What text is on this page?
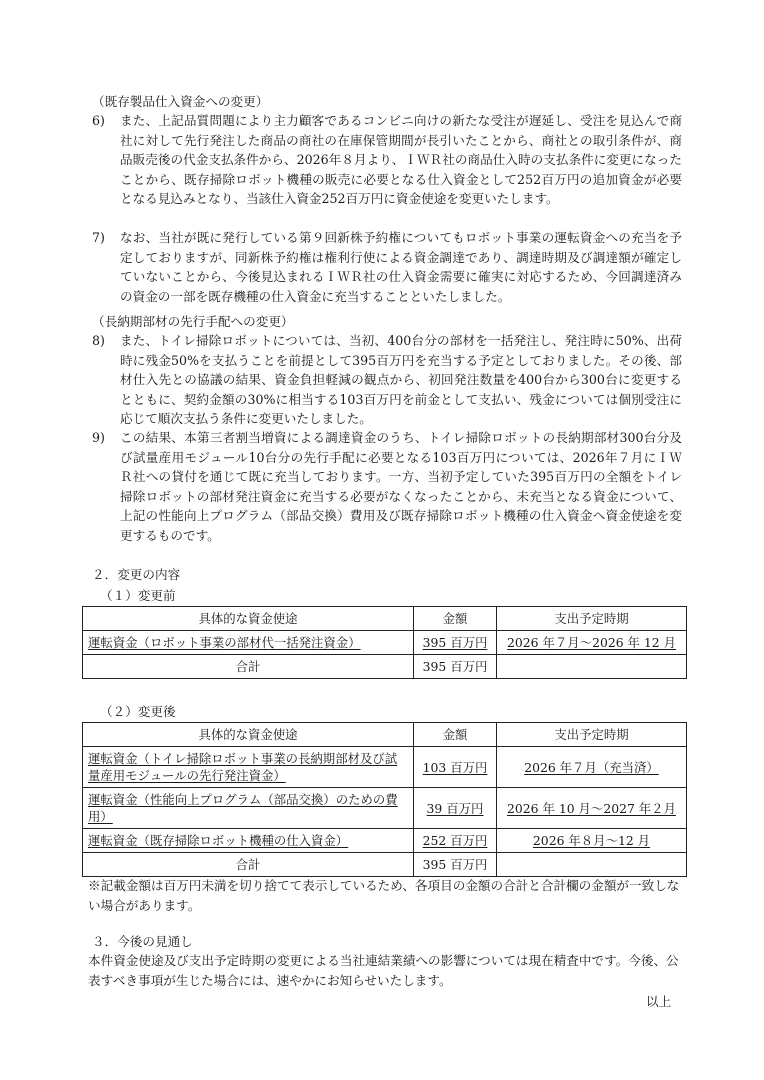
（既存製品仕入資金への変更）
6)	また、上記品質問題により主力顧客であるコンビニ向けの新たな受注が遅延し、受注を見込んで商社に対して先行発注した商品の商社の在庫保管期間が長引いたことから、商社との取引条件が、商品販売後の代金支払条件から、2026年８月より、ＩＷＲ社の商品仕入時の支払条件に変更になったことから、既存掃除ロボット機種の販売に必要となる仕入資金として252百万円の追加資金が必要となる見込みとなり、当該仕入資金252百万円に資金使途を変更いたします。
7)	なお、当社が既に発行している第９回新株予約権についてもロボット事業の運転資金への充当を予定しておりますが、同新株予約権は権利行使による資金調達であり、調達時期及び調達額が確定していないことから、今後見込まれるＩＷＲ社の仕入資金需要に確実に対応するため、今回調達済みの資金の一部を既存機種の仕入資金に充当することといたしました。
（長納期部材の先行手配への変更）
8)	また、トイレ掃除ロボットについては、当初、400台分の部材を一括発注し、発注時に50%、出荷時に残金50%を支払うことを前提として395百万円を充当する予定としておりました。その後、部材仕入先との協議の結果、資金負担軽減の観点から、初回発注数量を400台から300台に変更するとともに、契約金額の30%に相当する103百万円を前金として支払い、残金については個別受注に応じて順次支払う条件に変更いたしました。
9)	この結果、本第三者割当増資による調達資金のうち、トイレ掃除ロボットの長納期部材300台分及び試量産用モジュール10台分の先行手配に必要となる103百万円については、2026年７月にＩＷＲ社への貸付を通じて既に充当しております。一方、当初予定していた395百万円の全額をトイレ掃除ロボットの部材発注資金に充当する必要がなくなったことから、未充当となる資金について、上記の性能向上プログラム（部品交換）費用及び既存掃除ロボット機種の仕入資金へ資金使途を変更するものです。
２．変更の内容
（１）変更前
具体的な資金使途	金額	支出予定時期
運転資金（ロボット事業の部材代一括発注資金）	395 百万円	2026 年７月～2026 年 12 月
合計	395 百万円	
（２）変更後
具体的な資金使途	金額	支出予定時期
運転資金（トイレ掃除ロボット事業の長納期部材及び試量産用モジュールの先行発注資金）	103 百万円	2026 年７月（充当済）
運転資金（性能向上プログラム（部品交換）のための費用）	39 百万円	2026 年 10 月～2027 年２月
運転資金（既存掃除ロボット機種の仕入資金）	252 百万円	2026 年８月～12 月
合計	395 百万円	
※記載金額は百万円未満を切り捨てて表示しているため、各項目の金額の合計と合計欄の金額が一致しない場合があります。
３．今後の見通し
本件資金使途及び支出予定時期の変更による当社連結業績への影響については現在精査中です。今後、公表すべき事項が生じた場合には、速やかにお知らせいたします。
以上
